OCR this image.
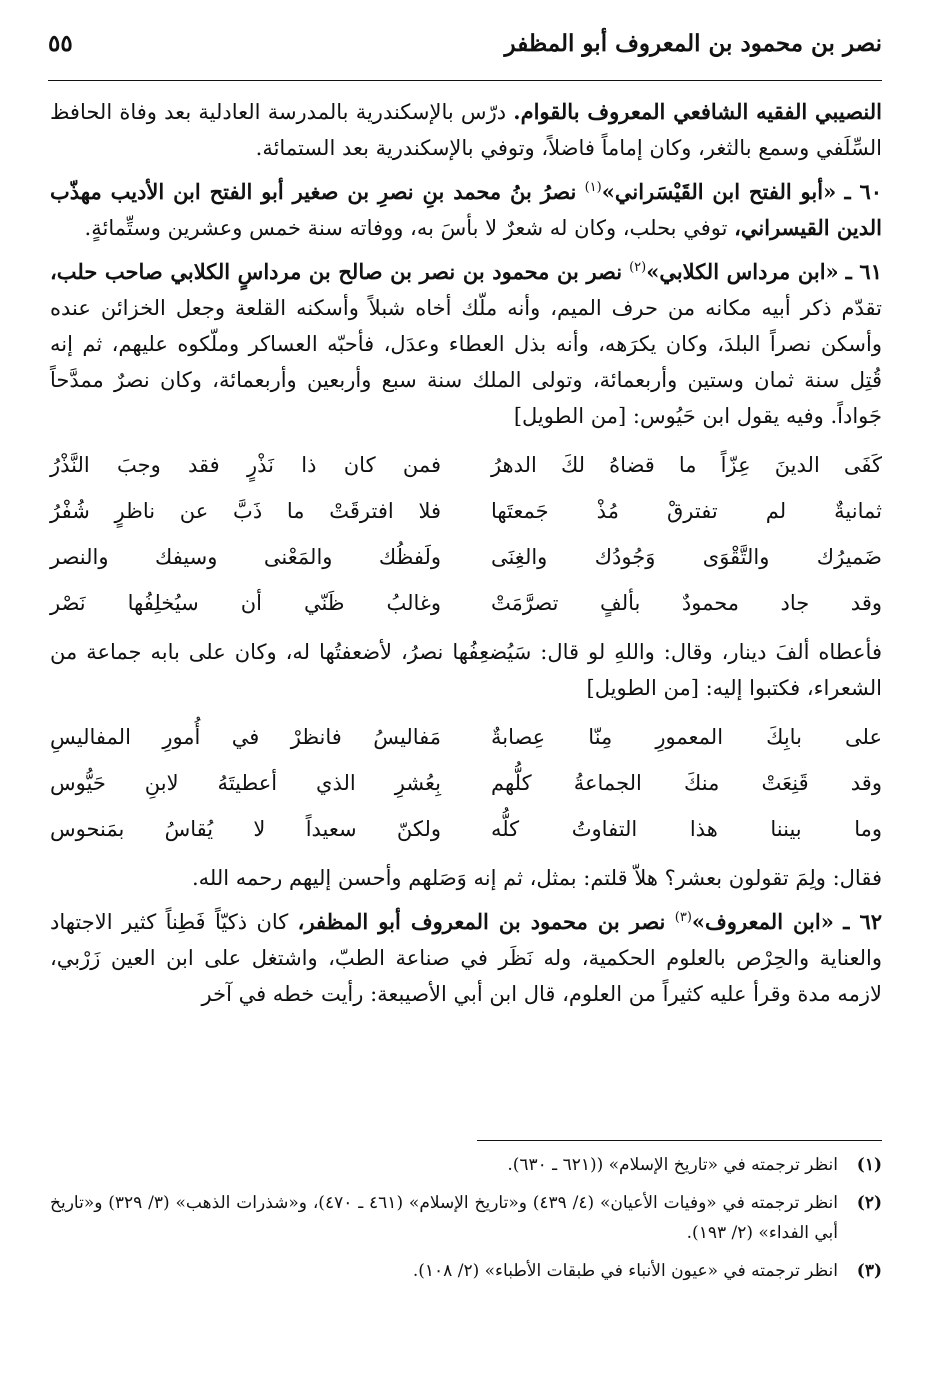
نصر بن محمود بن المعروف أبو المظفر
٥٥

النصيبي الفقيه الشافعي المعروف بالقوام. درّس بالإسكندرية بالمدرسة العادلية بعد وفاة الحافظ السِّلَفي وسمع بالثغر، وكان إماماً فاضلاً، وتوفي بالإسكندرية بعد الستمائة.

٦٠ ـ «أبو الفتح ابن القَيْسَراني»$^{(١)}$ نصرُ بنُ محمد بنِ نصرِ بن صغير أبو الفتح ابن الأديب مهذّب الدين القيسراني، توفي بحلب، وكان له شعرٌ لا بأسَ به، ووفاته سنة خمس وعشرين وستِّمائةٍ.

٦١ ـ «ابن مرداس الكلابي»$^{(٢)}$ نصر بن محمود بن نصر بن صالح بن مرداسٍ الكلابي صاحب حلب، تقدّم ذكر أبيه مكانه من حرف الميم، وأنه ملّك أخاه شبلاً وأسكنه القلعة وجعل الخزائن عنده وأسكن نصراً البلدَ، وكان يكرَهه، وأنه بذل العطاء وعدَل، فأحبّه العساكر وملّكوه عليهم، ثم إنه قُتِل سنة ثمان وستين وأربعمائة، وتولى الملك سنة سبع وأربعين وأربعمائة، وكان نصرٌ ممدَّحاً جَواداً. وفيه يقول ابن حَيُوس: [من الطويل]

كَفَى الدينَ عِزّاً ما قضاهُ لكَ الدهرُ
فمن كان ذا نَذْرٍ فقد وجبَ النَّذْرُ
ثمانيةٌ لم تفترقْ مُذْ جَمعتَها
فلا افترقَتْ ما ذَبَّ عن ناظرٍ شُفْرُ
ضَميرُك والتَّقْوَى وَجُودُك والغِنَى
ولَفظُك والمَعْنى وسيفك والنصر
وقد جاد محمودٌ بألفٍ تصرَّمَتْ
وغالبُ ظَنّي أن سيُخلِفُها نَصْر

فأعطاه ألفَ دينار، وقال: واللهِ لو قال: سَيُضعِفُها نصرُ، لأضعفتُها له، وكان على بابه جماعة من الشعراء، فكتبوا إليه: [من الطويل]

على بابِكَ المعمورِ مِنّا عِصابةٌ
مَفاليسُ فانظرْ في أُمورِ المفاليسِ
وقد قَنِعَتْ منكَ الجماعةُ كلُّهم
بِعُشرِ الذي أعطيتَهُ لابنِ حَيُّوس
وما بيننا هذا التفاوتُ كلُّه
ولكنّ سعيداً لا يُقاسُ بمَنحوس

فقال: ولِمَ تقولون بعشر؟ هلاّ قلتم: بمثل، ثم إنه وَصَلهم وأحسن إليهم رحمه الله.

٦٢ ـ «ابن المعروف»$^{(٣)}$ نصر بن محمود بن المعروف أبو المظفر، كان ذكيّاً فَطِناً كثير الاجتهاد والعناية والحِرْص بالعلوم الحكمية، وله نَظَر في صناعة الطبّ، واشتغل على ابن العين زَرْبي، لازمه مدة وقرأ عليه كثيراً من العلوم، قال ابن أبي الأصيبعة: رأيت خطه في آخر

(١)
انظر ترجمته في «تاريخ الإسلام» ((٦٢١ ـ ٦٣٠).
(٢)
انظر ترجمته في «وفيات الأعيان» (٤/ ٤٣٩) و«تاريخ الإسلام» (٤٦١ ـ ٤٧٠)، و«شذرات الذهب» (٣/ ٣٢٩) و«تاريخ أبي الفداء» (٢/ ١٩٣).
(٣)
انظر ترجمته في «عيون الأنباء في طبقات الأطباء» (٢/ ١٠٨).
